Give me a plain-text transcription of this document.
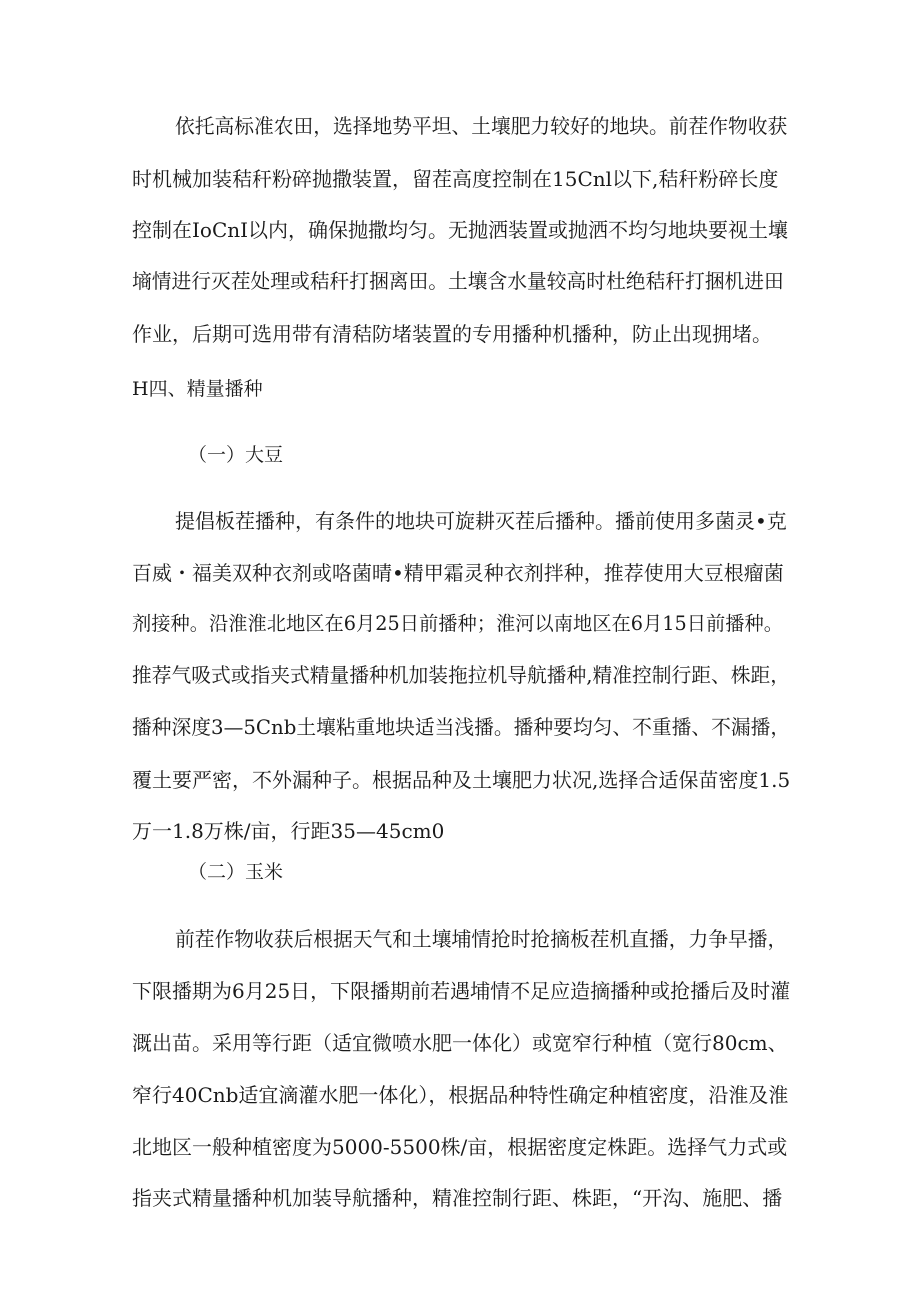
依托高标准农田，选择地势平坦、土壤肥力较好的地块。前茬作物收获

时机械加装秸秆粉碎抛撒装置，留茬高度控制在15Cnl以下,秸秆粉碎长度

控制在IoCnI以内，确保抛撒均匀。无抛洒装置或抛洒不均匀地块要视土壤

墒情进行灭茬处理或秸秆打捆离田。土壤含水量较高时杜绝秸秆打捆机进田

作业，后期可选用带有清秸防堵装置的专用播种机播种，防止出现拥堵。

H四、精量播种
（一）大豆

提倡板茬播种，有条件的地块可旋耕灭茬后播种。播前使用多菌灵•克

百威・福美双种衣剂或咯菌晴•精甲霜灵种衣剂拌种，推荐使用大豆根瘤菌

剂接种。沿淮淮北地区在6月25日前播种；淮河以南地区在6月15日前播种。

推荐气吸式或指夹式精量播种机加装拖拉机导航播种,精准控制行距、株距，

播种深度3—5Cnb土壤粘重地块适当浅播。播种要均匀、不重播、不漏播，

覆土要严密，不外漏种子。根据品种及土壤肥力状况,选择合适保苗密度1.5

万一1.8万株/亩，行距35—45cm0

（二）玉米

前茬作物收获后根据天气和土壤埔情抢时抢摘板茬机直播，力争早播，

下限播期为6月25日，下限播期前若遇埔情不足应造摘播种或抢播后及时灌

溉出苗。采用等行距（适宜微喷水肥一体化）或宽窄行种植（宽行80cm、

窄行40Cnb适宜滴灌水肥一体化），根据品种特性确定种植密度，沿淮及淮

北地区一般种植密度为5000-5500株/亩，根据密度定株距。选择气力式或

指夹式精量播种机加装导航播种，精准控制行距、株距，“开沟、施肥、播
